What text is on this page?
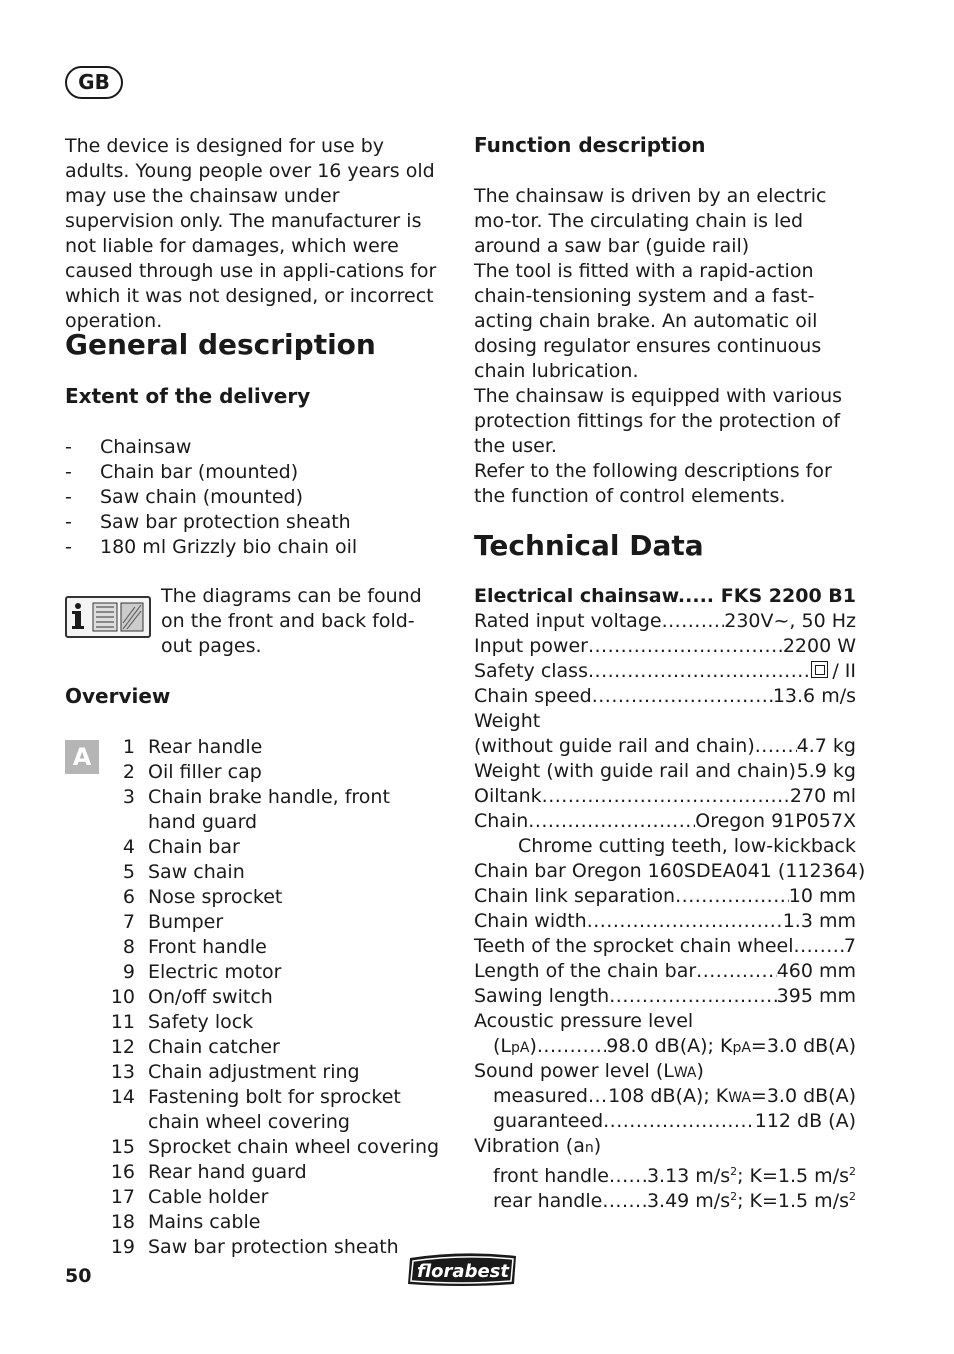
GB

The device is designed for use by adults. Young people over 16 years old may use the chainsaw under supervision only. The manufacturer is not liable for damages, which were caused through use in appli-cations for which it was not designed, or incorrect operation.

General description
Extent of the delivery
- Chainsaw
- Chain bar (mounted)
- Saw chain (mounted)
- Saw bar protection sheath
- 180 ml Grizzly bio chain oil

The diagrams can be found on the front and back fold-out pages.

Overview
A	1 Rear handle
2 Oil filler cap
3 Chain brake handle, front hand guard
4 Chain bar
5 Saw chain
6 Nose sprocket
7 Bumper
8 Front handle
9 Electric motor
10 On/off switch
11 Safety lock
12 Chain catcher
13 Chain adjustment ring
14 Fastening bolt for sprocket chain wheel covering
15 Sprocket chain wheel covering
16 Rear hand guard
17 Cable holder
18 Mains cable
19 Saw bar protection sheath
Function description

The chainsaw is driven by an electric mo-tor. The circulating chain is led around a saw bar (guide rail)

The tool is fitted with a rapid-action chain-tensioning system and a fast-acting chain brake. An automatic oil dosing regulator ensures continuous chain lubrication.

The chainsaw is equipped with various protection fittings for the protection of the user.

Refer to the following descriptions for the function of control elements.

Technical Data
Electrical chainsaw..... FKS 2200 B1
Rated input voltage .....	230V~, 50 Hz
Input power .....	2200 W
Safety class .....	/ II
Chain speed .....	13.6 m/s
Weight
(without guide rail and chain) ..... 4.7 kg
Weight (with guide rail and chain) ..... 5.9 kg
Oiltank .....	270 ml
Chain .....	Oregon 91P057X
Chrome cutting teeth, low-kickback
Chain bar Oregon 160SDEA041 (112364)
Chain link separation .....	10 mm
Chain width .....	1.3 mm
Teeth of the sprocket chain wheel .....	7
Length of the chain bar .....	460 mm
Sawing length .....	395 mm
Acoustic pressure level
(LpA) .....	98.0 dB(A); KpA=3.0 dB(A)
Sound power level (LWA)
measured ..... 108 dB(A); KWA=3.0 dB(A)
guaranteed .....	112 dB (A)
Vibration (an)
front handle ..... 3.13 $m/s^2$; K=1.5 $m/s^2$
rear handle ..... 3.49 $m/s^2$; K=1.5 $m/s^2$
50	florabest
